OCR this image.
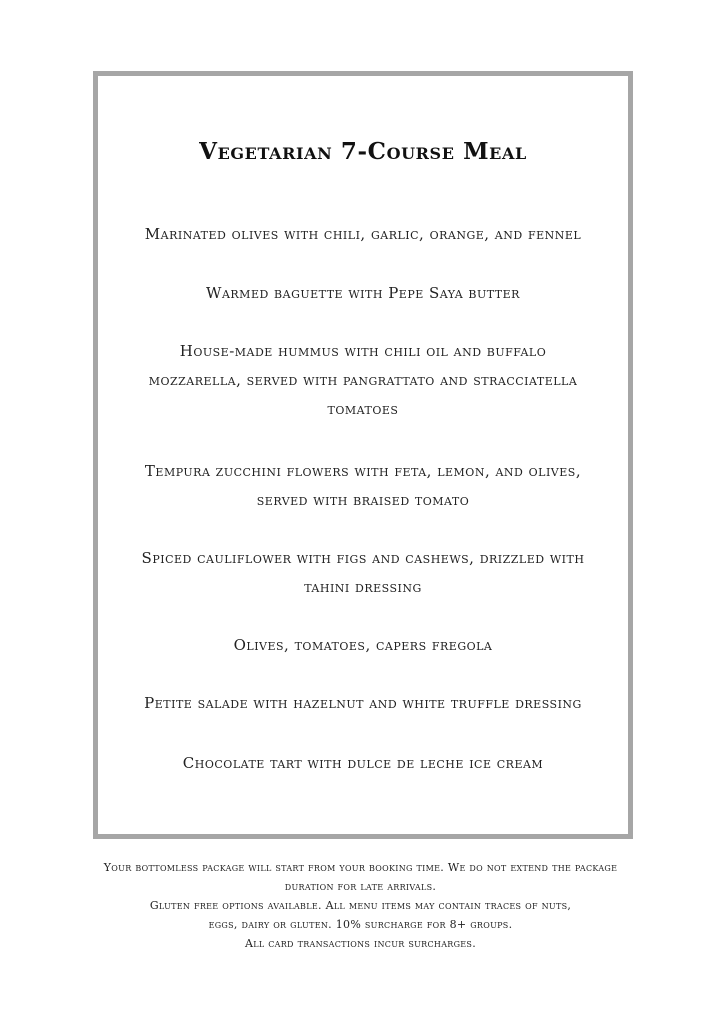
Vegetarian 7-Course Meal

Marinated olives with chili, garlic, orange, and fennel

Warmed baguette with Pepe Saya butter

House-made hummus with chili oil and buffalo
mozzarella, served with pangrattato and stracciatella
tomatoes
Tempura zucchini flowers with feta, lemon, and olives,
served with braised tomato
Spiced cauliflower with figs and cashews, drizzled with
tahini dressing

Olives, tomatoes, capers fregola

Petite salade with hazelnut and white truffle dressing

Chocolate tart with dulce de leche ice cream

Your bottomless package will start from your booking time. We do not extend the package
duration for late arrivals.
Gluten free options available. All menu items may contain traces of nuts,
eggs, dairy or gluten. 10% surcharge for 8+ groups.
All card transactions incur surcharges.
